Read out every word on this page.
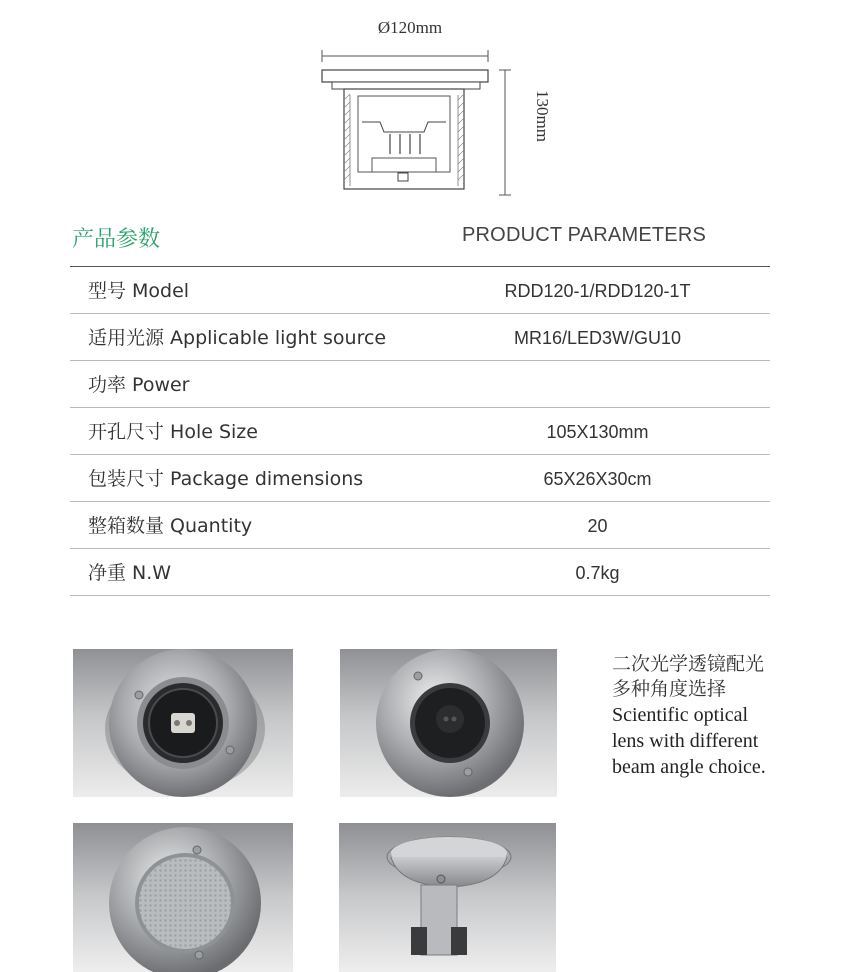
Ø120mm
130mm
产品参数	PRODUCT PARAMETERS
型号 Model	RDD120-1/RDD120-1T
适用光源 Applicable light source	MR16/LED3W/GU10
功率 Power
开孔尺寸 Hole Size	105X130mm
包装尺寸 Package dimensions	65X26X30cm
整箱数量 Quantity	20
净重 N.W	0.7kg
二次光学透镜配光
多种角度选择
Scientific optical
lens with different
beam angle choice.
